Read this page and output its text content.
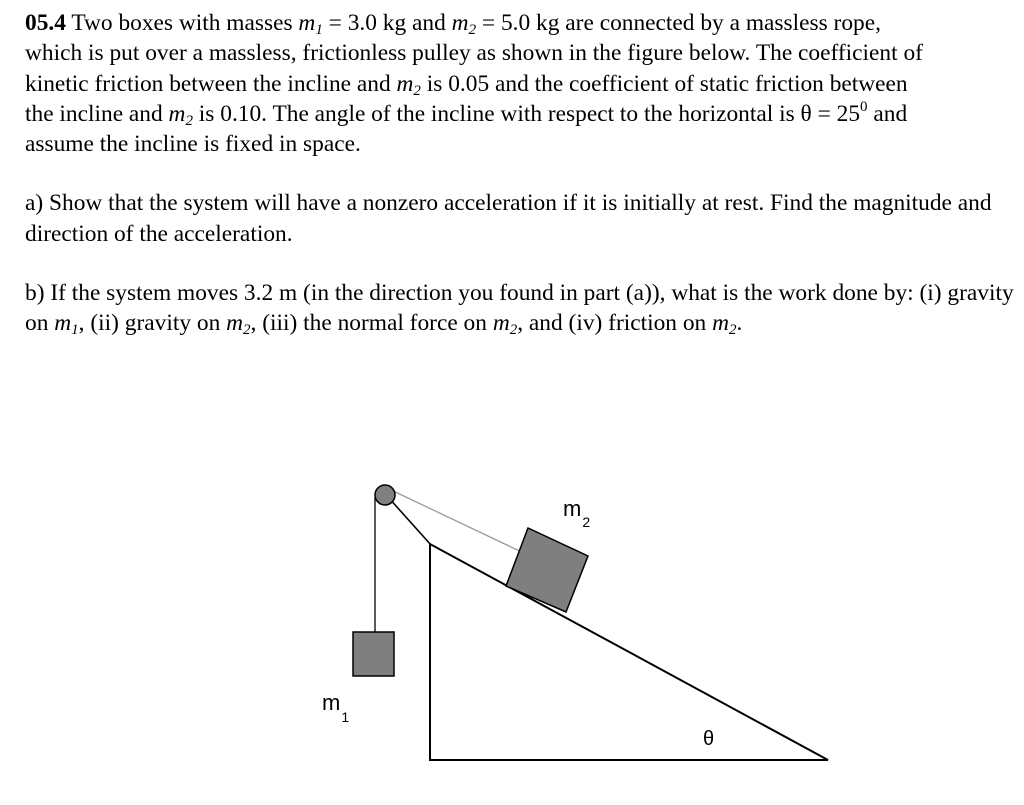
05.4 Two boxes with masses $m_1 = 3.0$ kg and $m_2 = 5.0$ kg are connected by a massless rope,
which is put over a massless, frictionless pulley as shown in the figure below. The coefficient of
kinetic friction between the incline and $m_2$ is 0.05 and the coefficient of static friction between
the incline and $m_2$ is 0.10. The angle of the incline with respect to the horizontal is $\theta = 25^0$ and
assume the incline is fixed in space.

a) Show that the system will have a nonzero acceleration if it is initially at rest. Find the magnitude and direction of the acceleration.

b) If the system moves 3.2 m (in the direction you found in part (a)), what is the work done by: (i) gravity on $m_1$, (ii) gravity on $m_2$, (iii) the normal force on $m_2$, and (iv) friction on $m_2$.

$m_2$
$m_1$
θ
